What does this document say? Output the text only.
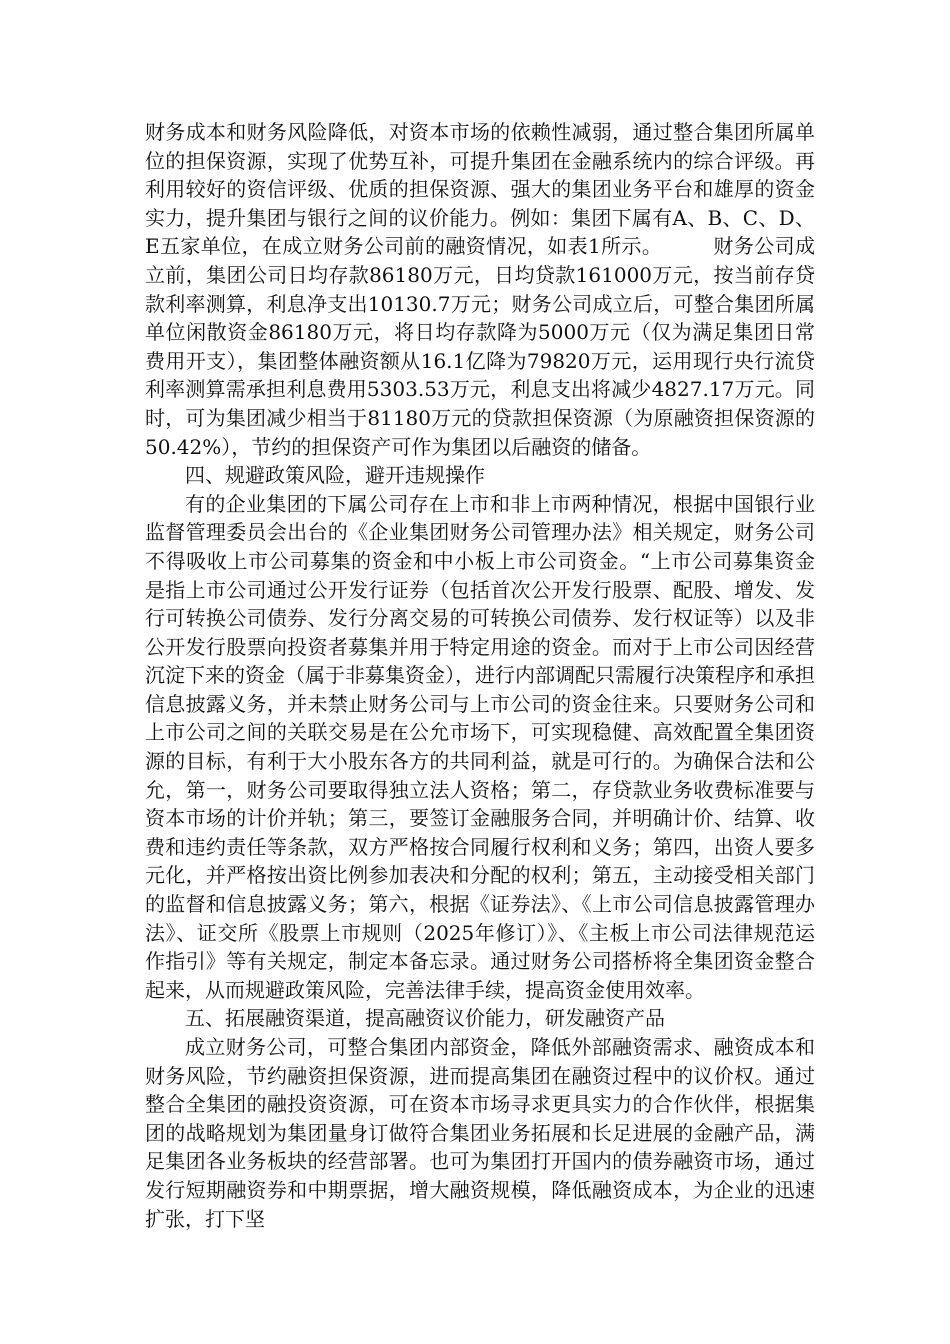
财务成本和财务风险降低，对资本市场的依赖性减弱，通过整合集团所属单位的担保资源，实现了优势互补，可提升集团在金融系统内的综合评级。再利用较好的资信评级、优质的担保资源、强大的集团业务平台和雄厚的资金实力，提升集团与银行之间的议价能力。例如：集团下属有A、B、C、D、E五家单位，在成立财务公司前的融资情况，如表1所示。　　　财务公司成立前，集团公司日均存款86180万元，日均贷款161000万元，按当前存贷款利率测算，利息净支出10130.7万元；财务公司成立后，可整合集团所属单位闲散资金86180万元，将日均存款降为5000万元（仅为满足集团日常费用开支），集团整体融资额从16.1亿降为79820万元，运用现行央行流贷利率测算需承担利息费用5303.53万元，利息支出将减少4827.17万元。同时，可为集团减少相当于81180万元的贷款担保资源（为原融资担保资源的50.42%），节约的担保资产可作为集团以后融资的储备。

四、规避政策风险，避开违规操作

有的企业集团的下属公司存在上市和非上市两种情况，根据中国银行业监督管理委员会出台的《企业集团财务公司管理办法》相关规定，财务公司不得吸收上市公司募集的资金和中小板上市公司资金。“上市公司募集资金是指上市公司通过公开发行证券（包括首次公开发行股票、配股、增发、发行可转换公司债券、发行分离交易的可转换公司债券、发行权证等）以及非公开发行股票向投资者募集并用于特定用途的资金。而对于上市公司因经营沉淀下来的资金（属于非募集资金），进行内部调配只需履行决策程序和承担信息披露义务，并未禁止财务公司与上市公司的资金往来。只要财务公司和上市公司之间的关联交易是在公允市场下，可实现稳健、高效配置全集团资源的目标，有利于大小股东各方的共同利益，就是可行的。为确保合法和公允，第一，财务公司要取得独立法人资格；第二，存贷款业务收费标准要与资本市场的计价并轨；第三，要签订金融服务合同，并明确计价、结算、收费和违约责任等条款，双方严格按合同履行权利和义务；第四，出资人要多元化，并严格按出资比例参加表决和分配的权利；第五，主动接受相关部门的监督和信息披露义务；第六，根据《证券法》、《上市公司信息披露管理办法》、证交所《股票上市规则（2025年修订）》、《主板上市公司法律规范运作指引》等有关规定，制定本备忘录。通过财务公司搭桥将全集团资金整合起来，从而规避政策风险，完善法律手续，提高资金使用效率。

五、拓展融资渠道，提高融资议价能力，研发融资产品

成立财务公司，可整合集团内部资金，降低外部融资需求、融资成本和财务风险，节约融资担保资源，进而提高集团在融资过程中的议价权。通过整合全集团的融投资资源，可在资本市场寻求更具实力的合作伙伴，根据集团的战略规划为集团量身订做符合集团业务拓展和长足进展的金融产品，满足集团各业务板块的经营部署。也可为集团打开国内的债券融资市场，通过发行短期融资券和中期票据，增大融资规模，降低融资成本，为企业的迅速扩张，打下坚
